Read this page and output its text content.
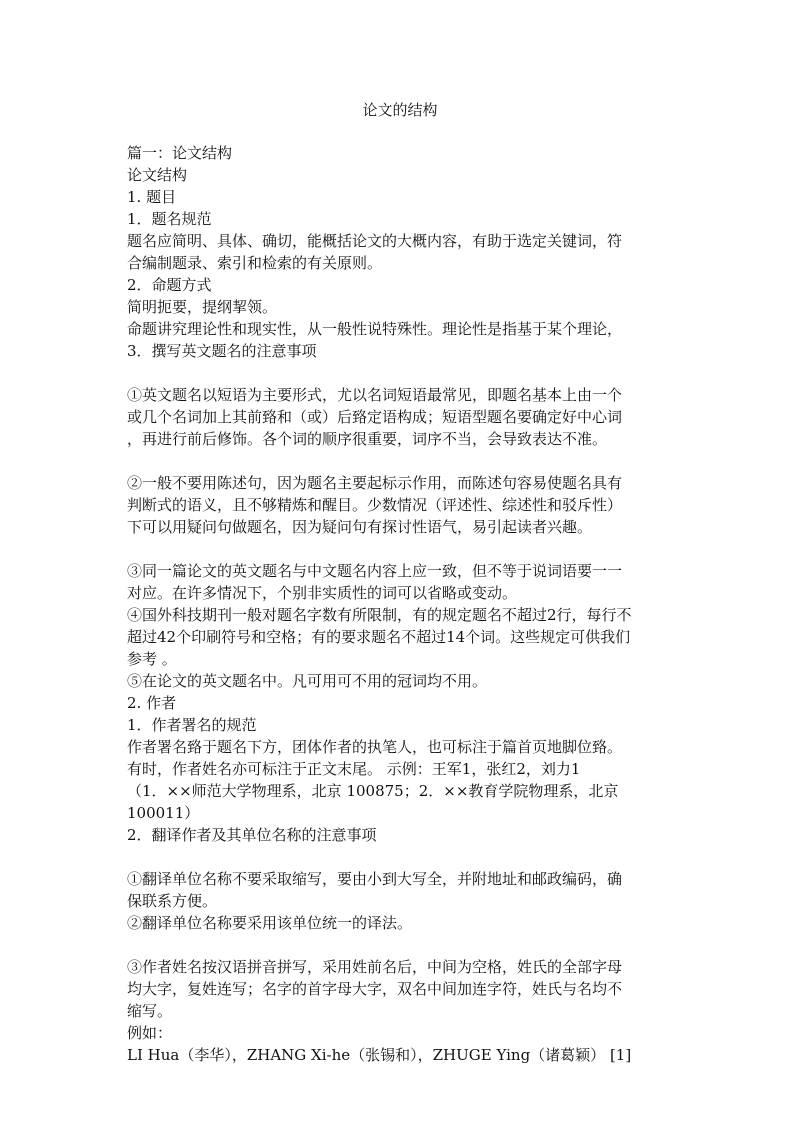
论文的结构
篇一：论文结构
论文结构
1. 题目
1．题名规范
题名应简明、具体、确切，能概括论文的大概内容，有助于选定关键词，符
合编制题录、索引和检索的有关原则。
2．命题方式
简明扼要，提纲挈领。
命题讲究理论性和现实性，从一般性说特殊性。理论性是指基于某个理论，
3．撰写英文题名的注意事项
①英文题名以短语为主要形式，尤以名词短语最常见，即题名基本上由一个
或几个名词加上其前臵和（或）后臵定语构成；短语型题名要确定好中心词
，再进行前后修饰。各个词的顺序很重要，词序不当，会导致表达不准。
②一般不要用陈述句，因为题名主要起标示作用，而陈述句容易使题名具有
判断式的语义，且不够精炼和醒目。少数情况（评述性、综述性和驳斥性）
下可以用疑问句做题名，因为疑问句有探讨性语气，易引起读者兴趣。
③同一篇论文的英文题名与中文题名内容上应一致，但不等于说词语要一一
对应。在许多情况下，个别非实质性的词可以省略或变动。
④国外科技期刊一般对题名字数有所限制，有的规定题名不超过2行，每行不
超过42个印刷符号和空格；有的要求题名不超过14个词。这些规定可供我们
参考 。
⑤在论文的英文题名中。凡可用可不用的冠词均不用。
2. 作者
1．作者署名的规范
作者署名臵于题名下方，团体作者的执笔人，也可标注于篇首页地脚位臵。
有时，作者姓名亦可标注于正文末尾。 示例：王军1，张红2，刘力1
（1．××师范大学物理系，北京 100875；2．××教育学院物理系，北京
100011）
2．翻译作者及其单位名称的注意事项
①翻译单位名称不要采取缩写，要由小到大写全，并附地址和邮政编码，确
保联系方便。
②翻译单位名称要采用该单位统一的译法。
③作者姓名按汉语拼音拼写，采用姓前名后，中间为空格，姓氏的全部字母
均大字，复姓连写；名字的首字母大字，双名中间加连字符，姓氏与名均不
缩写。
例如：
LI Hua（李华），ZHANG Xi-he（张锡和），ZHUGE Ying（诸葛颖） [1]
